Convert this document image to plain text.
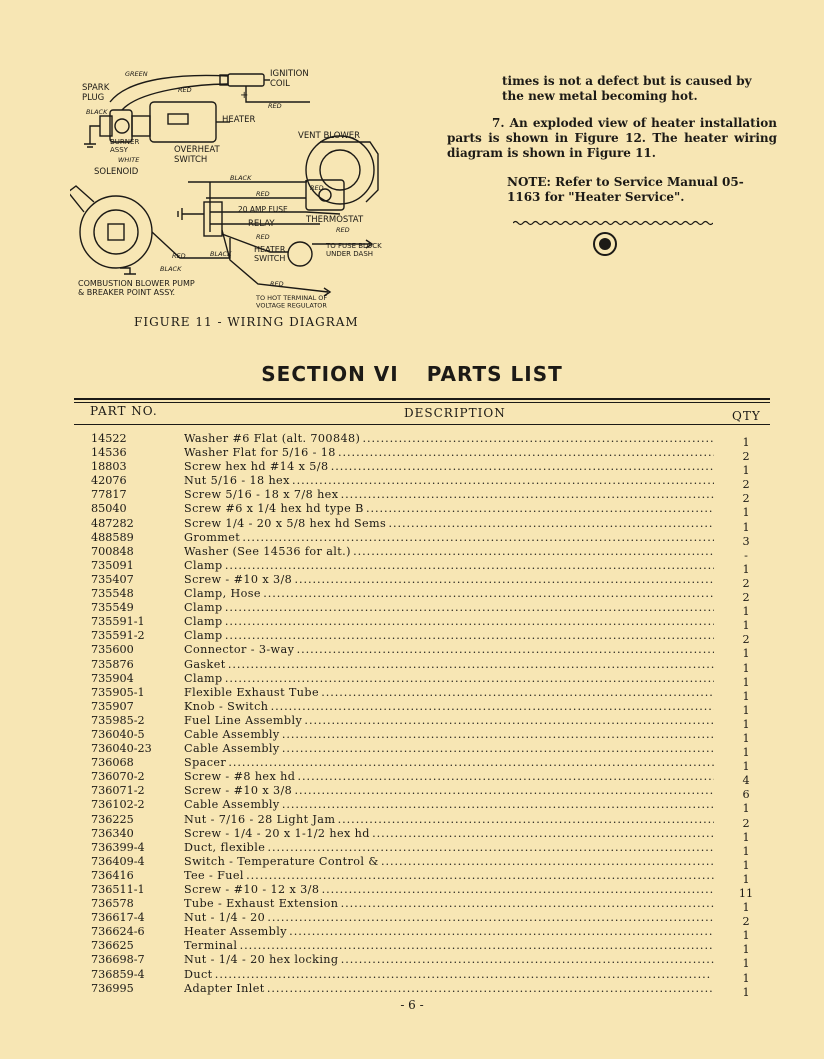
GREEN
RED
RED
BLACK
WHITE
BLACK
RED
RED
RED
RED
BLACK
RED
BLACK
RED
+
IGNITION COIL
SPARK PLUG
HEATER
BURNER ASSY	OVERHEAT SWITCH
SOLENOID
VENT BLOWER
20 AMP FUSE
RELAY	THERMOSTAT
HEATER SWITCH
TO FUSE BLOCK UNDER DASH
COMBUSTION BLOWER PUMP & BREAKER POINT ASSY.
TO HOT TERMINAL OF VOLTAGE REGULATOR
FIGURE 11 - WIRING DIAGRAM

times is not a defect but is caused by the new metal becoming hot.

7. An exploded view of heater installation parts is shown in Figure 12. The heater wiring diagram is shown in Figure 11.

NOTE: Refer to Service Manual 05-1163 for "Heater Service".

SECTION VI PARTS LIST
PART NO.	DESCRIPTION	QTY
14522	Washer #6 Flat (alt. 700848) . . .	1
14536	Washer Flat for 5/16 - 18 . . .	2
18803	Screw hex hd #14 x 5/8 . . .	1
42076	Nut 5/16 - 18 hex . . .	2
77817	Screw 5/16 - 18 x 7/8 hex . . .	2
85040	Screw #6 x 1/4 hex hd type B . . .	1
487282	Screw 1/4 - 20 x 5/8 hex hd Sems . . .	1
488589	Grommet . . .	3
700848	Washer (See 14536 for alt.) . . .	-
735091	Clamp . . .	1
735407	Screw - #10 x 3/8 . . .	2
735548	Clamp, Hose . . .	2
735549	Clamp . . .	1
735591-1	Clamp . . .	1
735591-2	Clamp . . .	2
735600	Connector - 3-way . . .	1
735876	Gasket . . .	1
735904	Clamp . . .	1
735905-1	Flexible Exhaust Tube . . .	1
735907	Knob - Switch . . .	1
735985-2	Fuel Line Assembly . . .	1
736040-5	Cable Assembly . . .	1
736040-23	Cable Assembly . . .	1
736068	Spacer . . .	1
736070-2	Screw - #8 hex hd . . .	4
736071-2	Screw - #10 x 3/8 . . .	6
736102-2	Cable Assembly . . .	1
736225	Nut - 7/16 - 28 Light Jam . . .	2
736340	Screw - 1/4 - 20 x 1-1/2 hex hd . . .	1
736399-4	Duct, flexible . . .	1
736409-4	Switch - Temperature Control & . . .	1
736416	Tee - Fuel . . .	1
736511-1	Screw - #10 - 12 x 3/8 . . .	11
736578	Tube - Exhaust Extension . . .	1
736617-4	Nut - 1/4 - 20 . . .	2
736624-6	Heater Assembly . . .	1
736625	Terminal . . .	1
736698-7	Nut - 1/4 - 20 hex locking . . .	1
736859-4	Duct . . .	1
736995	Adapter Inlet . . .	1
- 6 -
